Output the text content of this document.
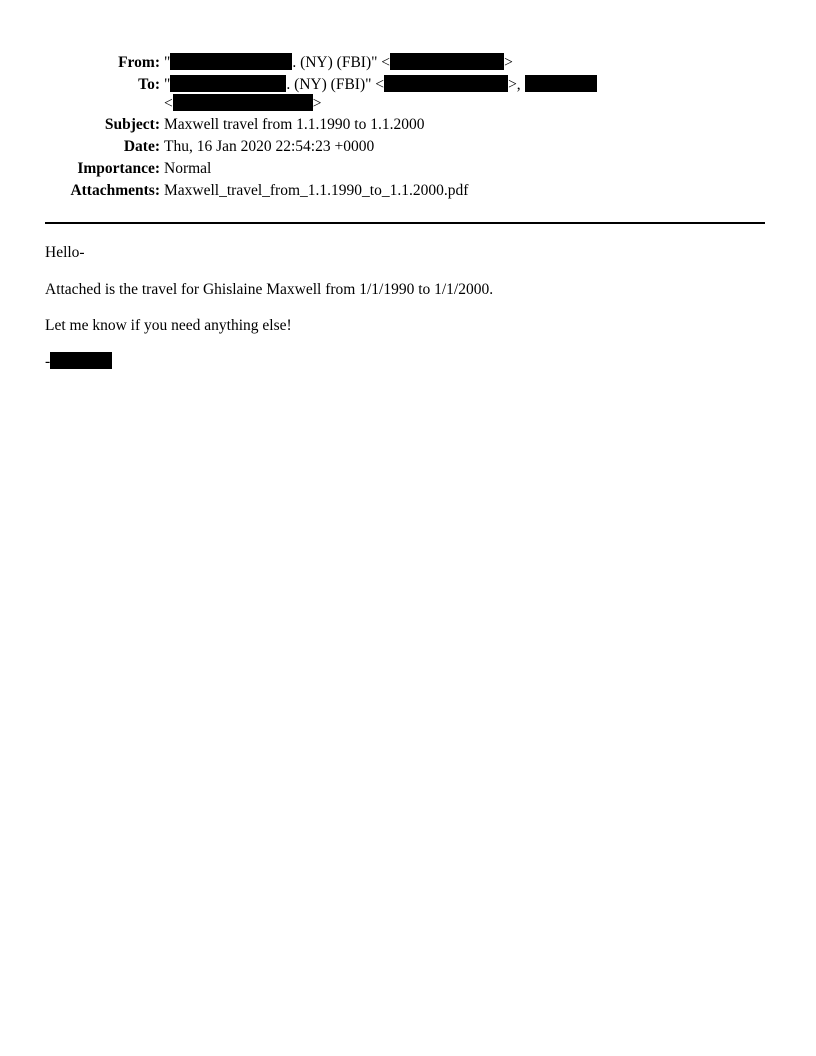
From: "	. (NY) (FBI)" <	>
To: "	. (NY) (FBI)" <	>,
<	>
Subject: Maxwell travel from 1.1.1990 to 1.1.2000
Date: Thu, 16 Jan 2020 22:54:23 +0000
Importance: Normal
Attachments: Maxwell_travel_from_1.1.1990_to_1.1.2000.pdf
Hello-
Attached is the travel for Ghislaine Maxwell from 1/1/1990 to 1/1/2000.
Let me know if you need anything else!
-
